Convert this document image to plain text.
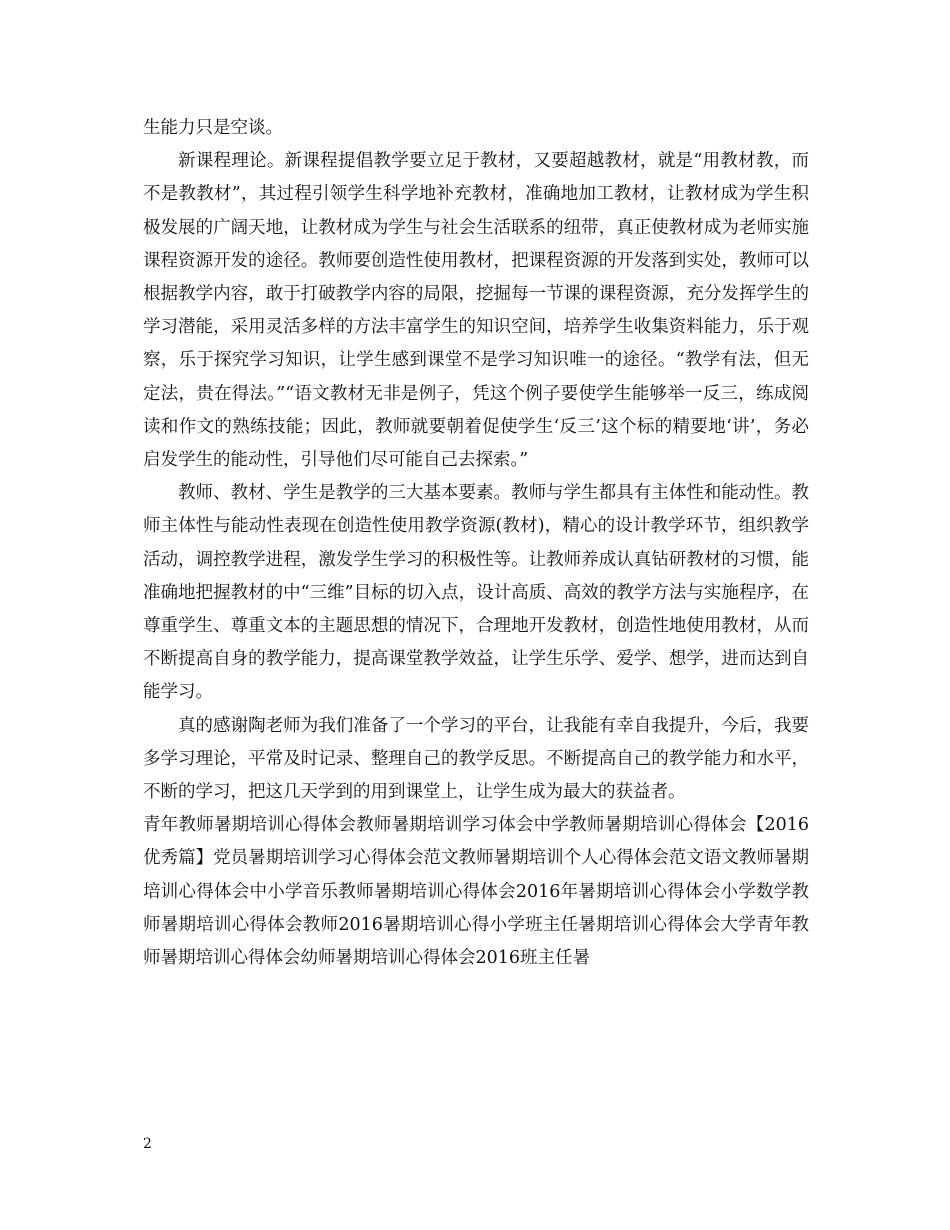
生能力只是空谈。

新课程理论。新课程提倡教学要立足于教材，又要超越教材，就是“用教材教，而不是教教材”，其过程引领学生科学地补充教材，准确地加工教材，让教材成为学生积极发展的广阔天地，让教材成为学生与社会生活联系的纽带，真正使教材成为老师实施课程资源开发的途径。教师要创造性使用教材，把课程资源的开发落到实处，教师可以根据教学内容，敢于打破教学内容的局限，挖掘每一节课的课程资源，充分发挥学生的学习潜能，采用灵活多样的方法丰富学生的知识空间，培养学生收集资料能力，乐于观察，乐于探究学习知识，让学生感到课堂不是学习知识唯一的途径。“教学有法，但无定法，贵在得法。”“语文教材无非是例子，凭这个例子要使学生能够举一反三，练成阅读和作文的熟练技能；因此，教师就要朝着促使学生‘反三’这个标的精要地‘讲’，务必启发学生的能动性，引导他们尽可能自己去探索。”

教师、教材、学生是教学的三大基本要素。教师与学生都具有主体性和能动性。教师主体性与能动性表现在创造性使用教学资源(教材)，精心的设计教学环节，组织教学活动，调控教学进程，激发学生学习的积极性等。让教师养成认真钻研教材的习惯，能准确地把握教材的中“三维”目标的切入点，设计高质、高效的教学方法与实施程序，在尊重学生、尊重文本的主题思想的情况下，合理地开发教材，创造性地使用教材，从而不断提高自身的教学能力，提高课堂教学效益，让学生乐学、爱学、想学，进而达到自能学习。

真的感谢陶老师为我们准备了一个学习的平台，让我能有幸自我提升，今后，我要多学习理论，平常及时记录、整理自己的教学反思。不断提高自己的教学能力和水平，不断的学习，把这几天学到的用到课堂上，让学生成为最大的获益者。

青年教师暑期培训心得体会教师暑期培训学习体会中学教师暑期培训心得体会【2016优秀篇】党员暑期培训学习心得体会范文教师暑期培训个人心得体会范文语文教师暑期培训心得体会中小学音乐教师暑期培训心得体会2016年暑期培训心得体会小学数学教师暑期培训心得体会教师2016暑期培训心得小学班主任暑期培训心得体会大学青年教师暑期培训心得体会幼师暑期培训心得体会2016班主任暑

2
